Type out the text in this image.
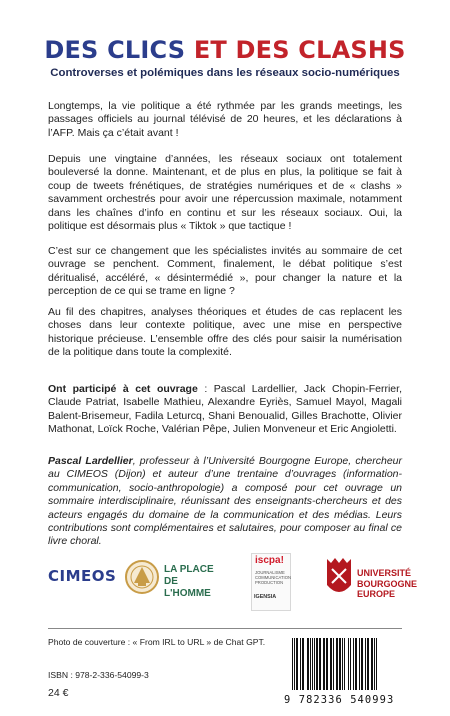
DES CLICS ET DES CLASHS

Controverses et polémiques dans les réseaux socio-numériques

Longtemps, la vie politique a été rythmée par les grands meetings, les passages officiels au journal télévisé de 20 heures, et les déclarations à l’AFP. Mais ça c’était avant !

Depuis une vingtaine d’années, les réseaux sociaux ont totalement bouleversé la donne. Maintenant, et de plus en plus, la politique se fait à coup de tweets frénétiques, de stratégies numériques et de « clashs » savamment orchestrés pour avoir une répercussion maximale, notamment dans les chaînes d’info en continu et sur les réseaux sociaux. Oui, la politique est désormais plus « Tiktok » que tactique !

C’est sur ce changement que les spécialistes invités au sommaire de cet ouvrage se penchent. Comment, finalement, le débat politique s’est déritualisé, accéléré, « désintermédié », pour changer la nature et la perception de ce qui se trame en ligne ?

Au fil des chapitres, analyses théoriques et études de cas replacent les choses dans leur contexte politique, avec une mise en perspective historique précieuse. L’ensemble offre des clés pour saisir la numérisation de la politique dans toute la complexité.

Ont participé à cet ouvrage : Pascal Lardellier, Jack Chopin-Ferrier, Claude Patriat, Isabelle Mathieu, Alexandre Eyriès, Samuel Mayol, Magali Balent-Brisemeur, Fadila Leturcq, Shani Benoualid, Gilles Brachotte, Olivier Mathonat, Loïck Roche, Valérian Pêpe, Julien Monveneur et Eric Angioletti.

Pascal Lardellier, professeur à l’Université Bourgogne Europe, chercheur au CIMEOS (Dijon) et auteur d’une trentaine d’ouvrages (information-communication, socio-anthropologie) a composé pour cet ouvrage un sommaire interdisciplinaire, réunissant des enseignants-chercheurs et des acteurs engagés du domaine de la communication et des médias. Leurs contributions sont complémentaires et salutaires, pour composer au final ce livre choral.

CIMEOS	LA PLACE
DE L'HOMME
iscpa!
JOURNALISME COMMUNICATION PRODUCTION
IGENSIA
UNIVERSITÉ
BOURGOGNE
EUROPE

Photo de couverture : « From IRL to URL » de Chat GPT.

ISBN : 978-2-336-54099-3

24 €

9 782336 540993
